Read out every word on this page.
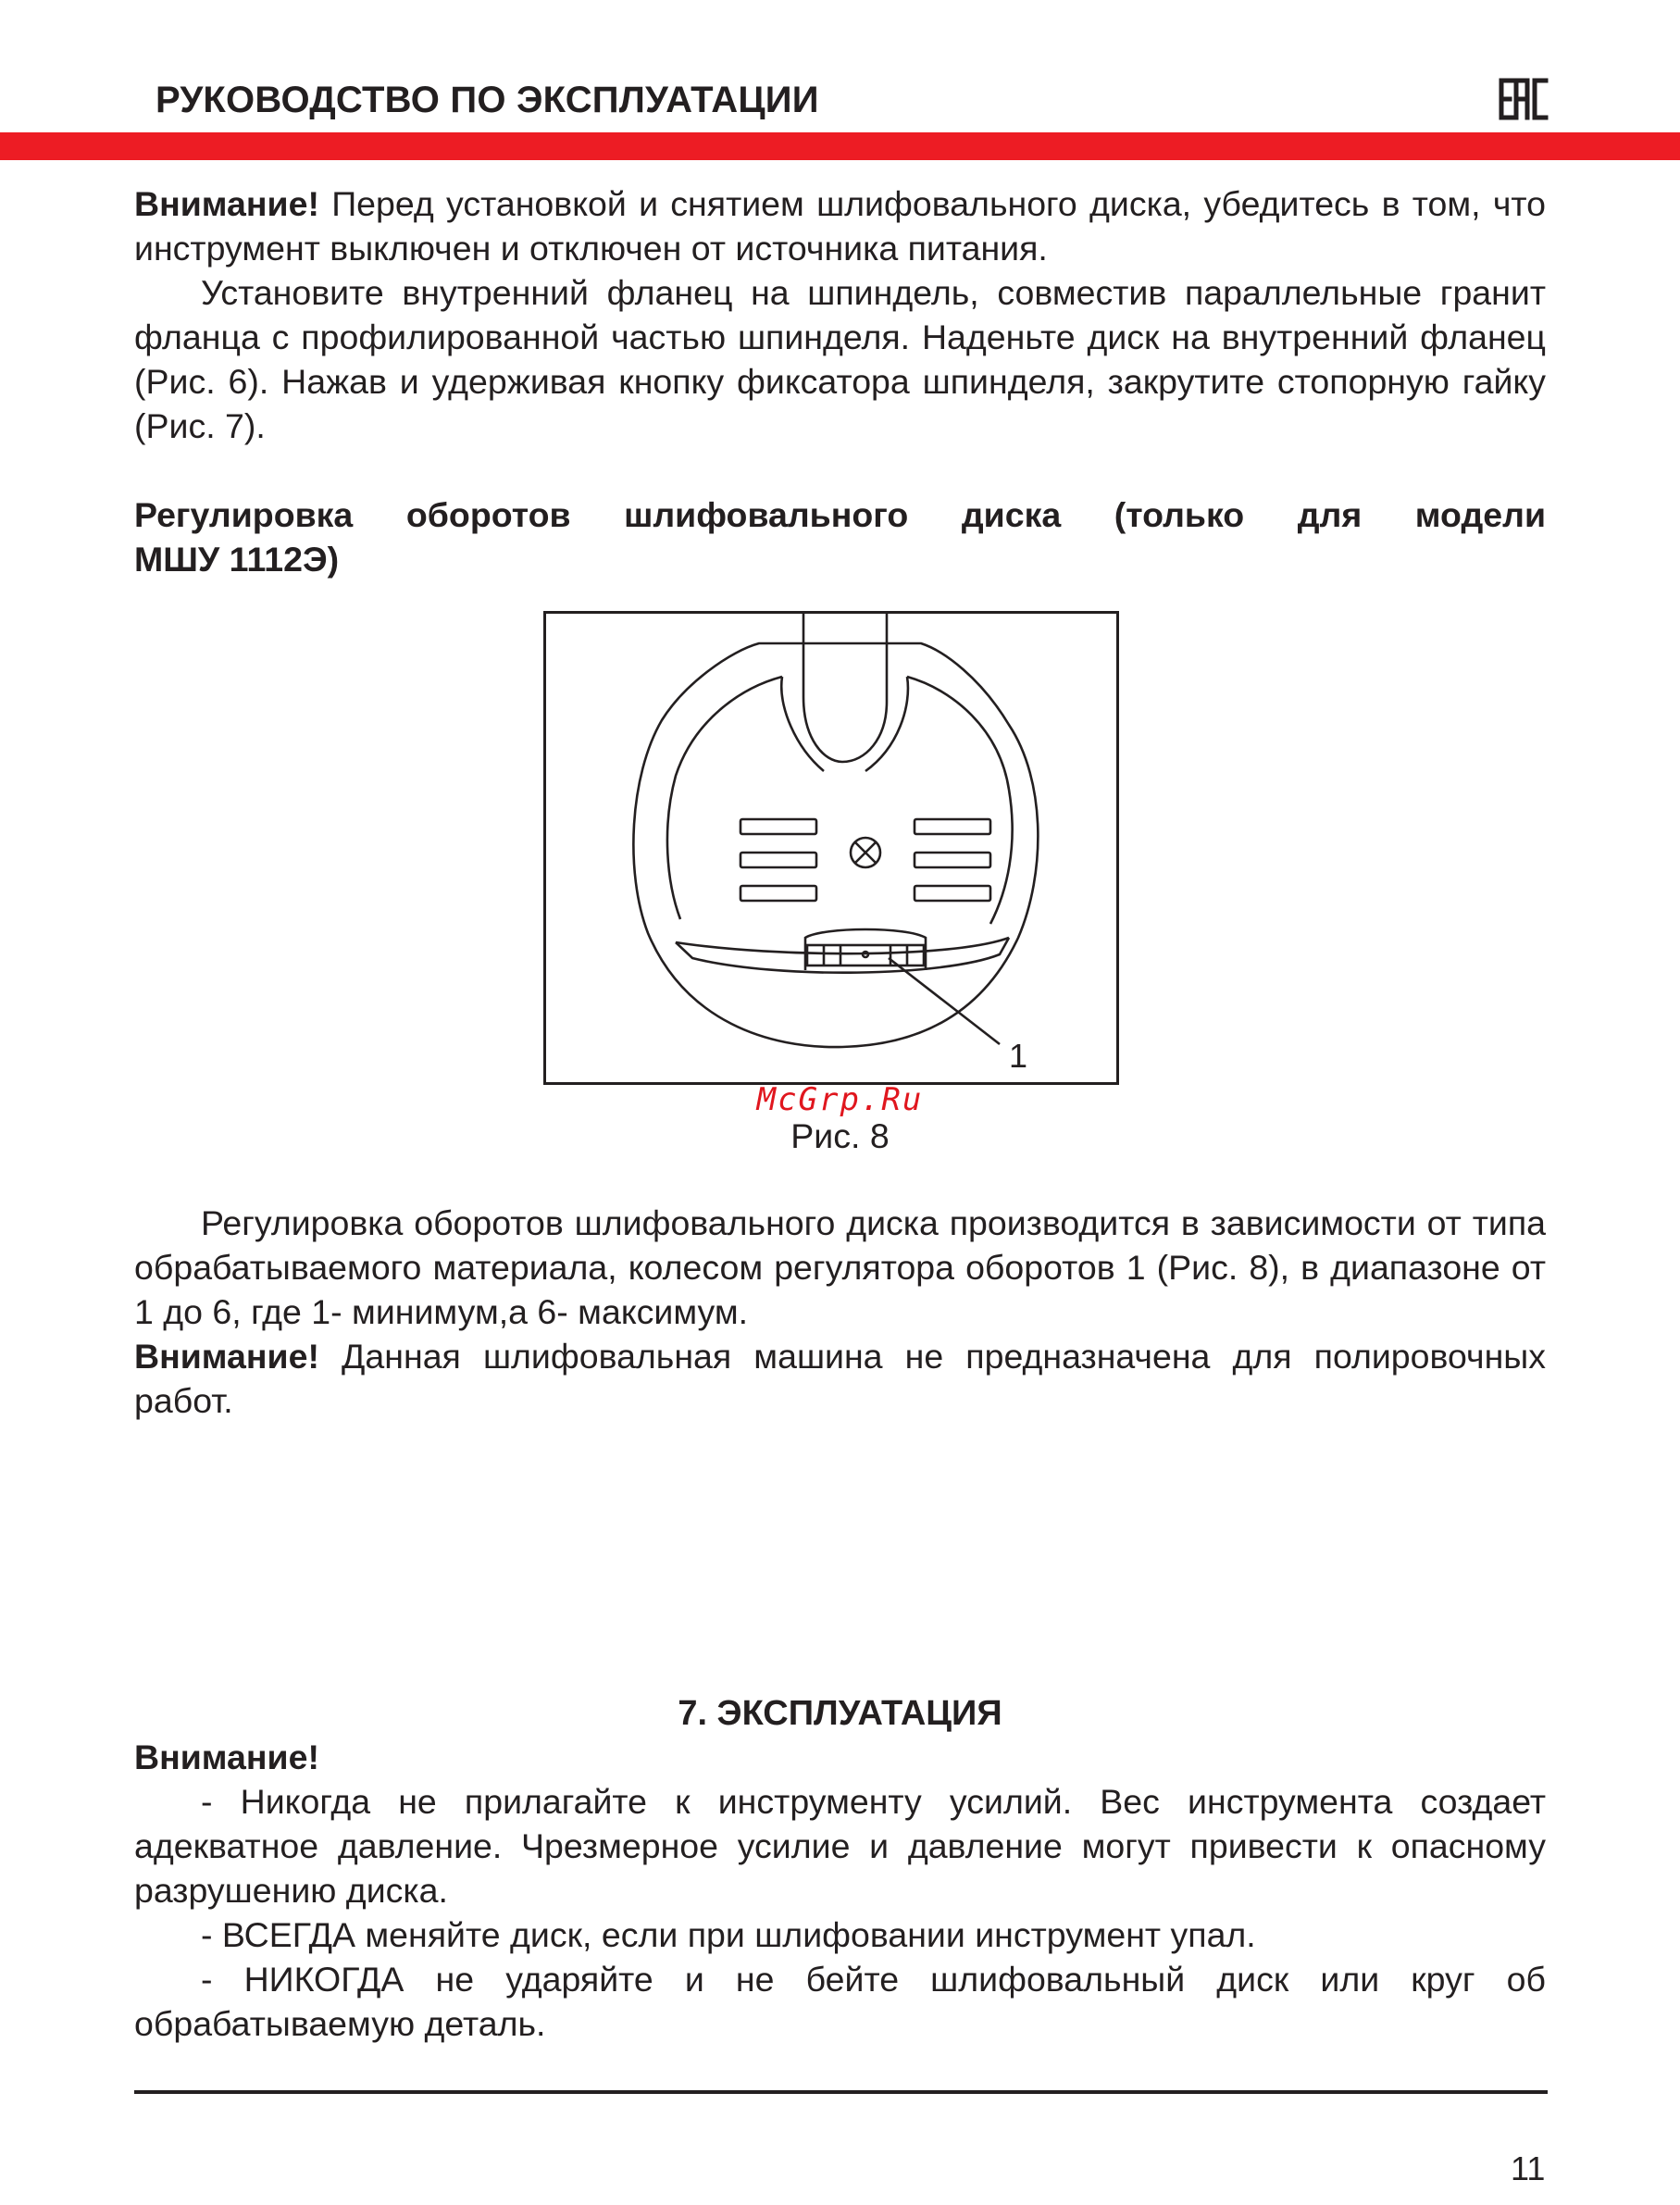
РУКОВОДСТВО ПО ЭКСПЛУАТАЦИИ

Внимание! Перед установкой и снятием шлифовального диска, убедитесь в том, что инструмент выключен и отключен от источника питания.

Установите внутренний фланец на шпиндель, совместив параллельные гранит фланца с профилированной частью шпинделя. Наденьте диск на внутренний фланец (Рис. 6). Нажав и удерживая кнопку фиксатора шпинделя, закрутите стопорную гайку (Рис. 7).

Регулировка оборотов шлифовального диска (только для модели

МШУ 1112Э)

1
McGrp.Ru
Рис. 8

Регулировка оборотов шлифовального диска производится в зависимости от типа обрабатываемого материала, колесом регулятора оборотов 1 (Рис. 8), в диапазоне от 1 до 6, где 1- минимум,а 6- максимум.

Внимание! Данная шлифовальная машина не предназначена для полировочных работ.

7. ЭКСПЛУАТАЦИЯ

Внимание!

- Никогда не прилагайте к инструменту усилий. Вес инструмента создает адекватное давление. Чрезмерное усилие и давление могут привести к опасному разрушению диска.

- ВСЕГДА меняйте диск, если при шлифовании инструмент упал.

- НИКОГДА не ударяйте и не бейте шлифовальный диск или круг об обрабатываемую деталь.

11
